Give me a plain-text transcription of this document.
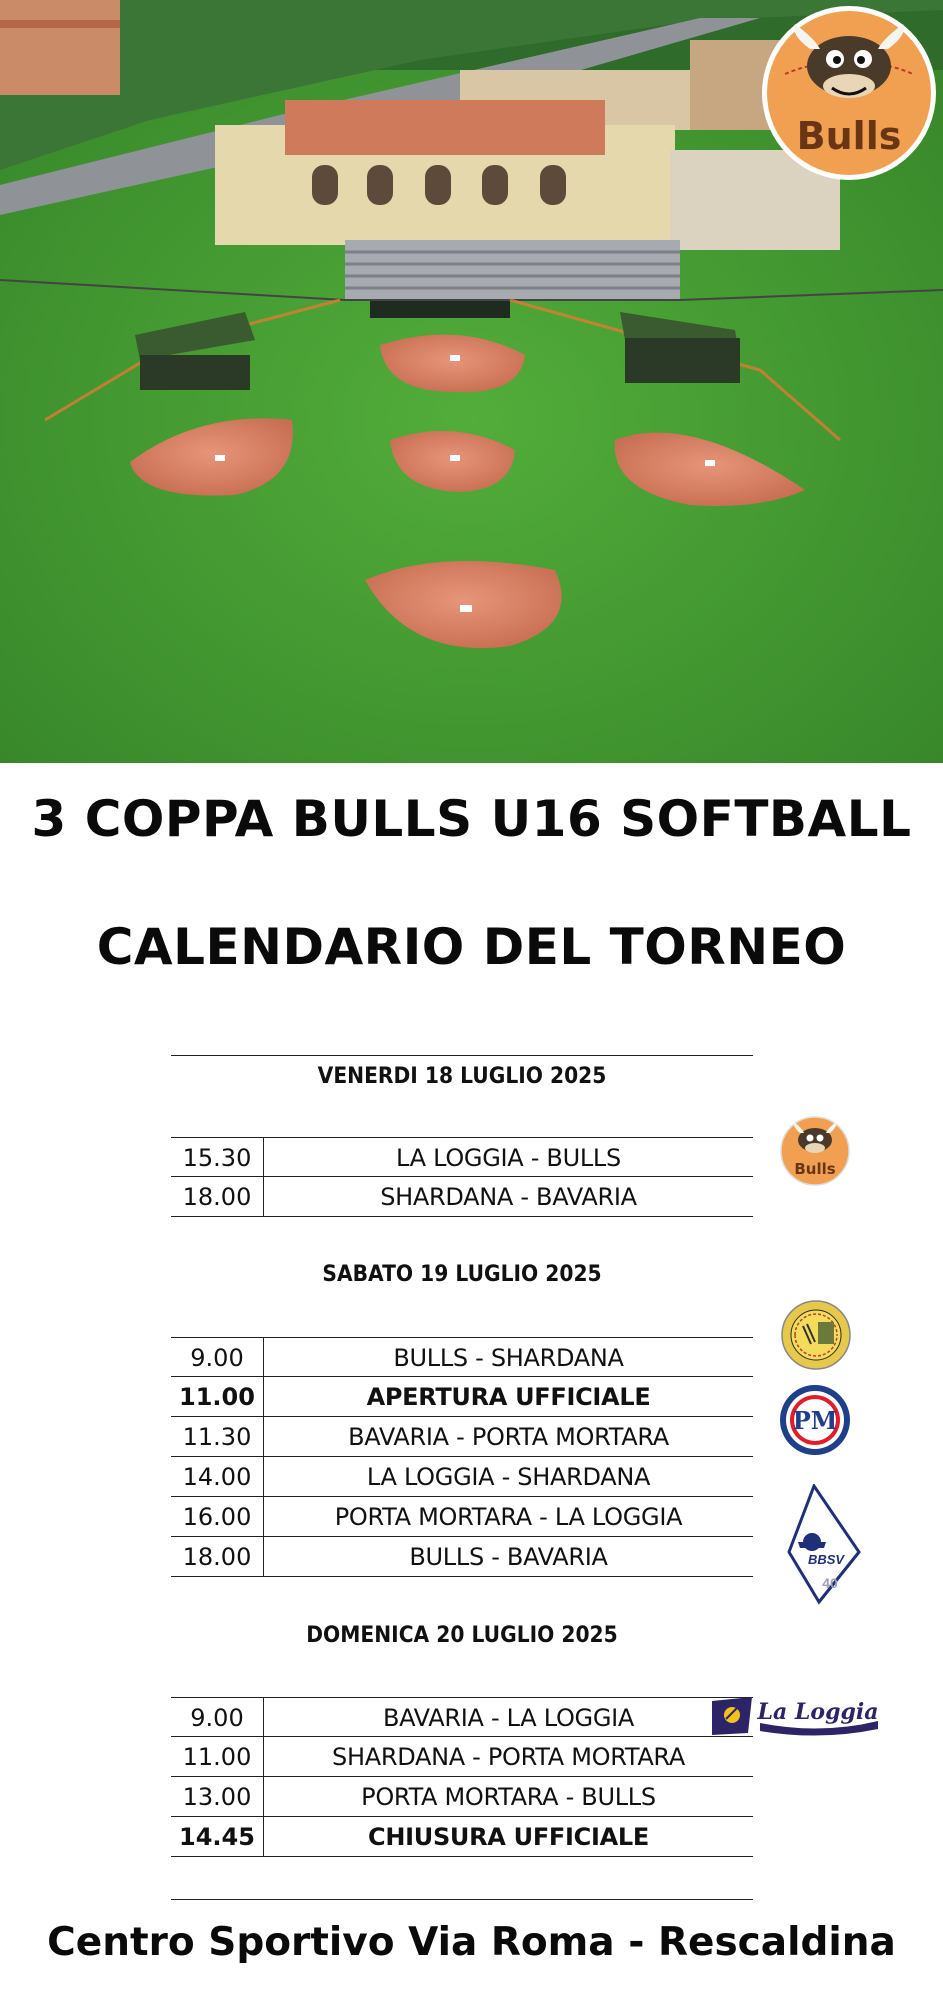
Bulls
3 COPPA BULLS U16 SOFTBALL
CALENDARIO DEL TORNEO
VENERDI 18 LUGLIO 2025
15.30	LA LOGGIA - BULLS
18.00	SHARDANA - BAVARIA
SABATO 19 LUGLIO 2025
9.00	BULLS - SHARDANA
11.00	APERTURA UFFICIALE
11.30	BAVARIA - PORTA MORTARA
14.00	LA LOGGIA - SHARDANA
16.00	PORTA MORTARA - LA LOGGIA
18.00	BULLS - BAVARIA
DOMENICA 20 LUGLIO 2025
9.00	BAVARIA - LA LOGGIA
11.00	SHARDANA - PORTA MORTARA
13.00	PORTA MORTARA - BULLS
14.45	CHIUSURA UFFICIALE
Bulls
PM
BBSV
40
La Loggia
Centro Sportivo Via Roma - Rescaldina
